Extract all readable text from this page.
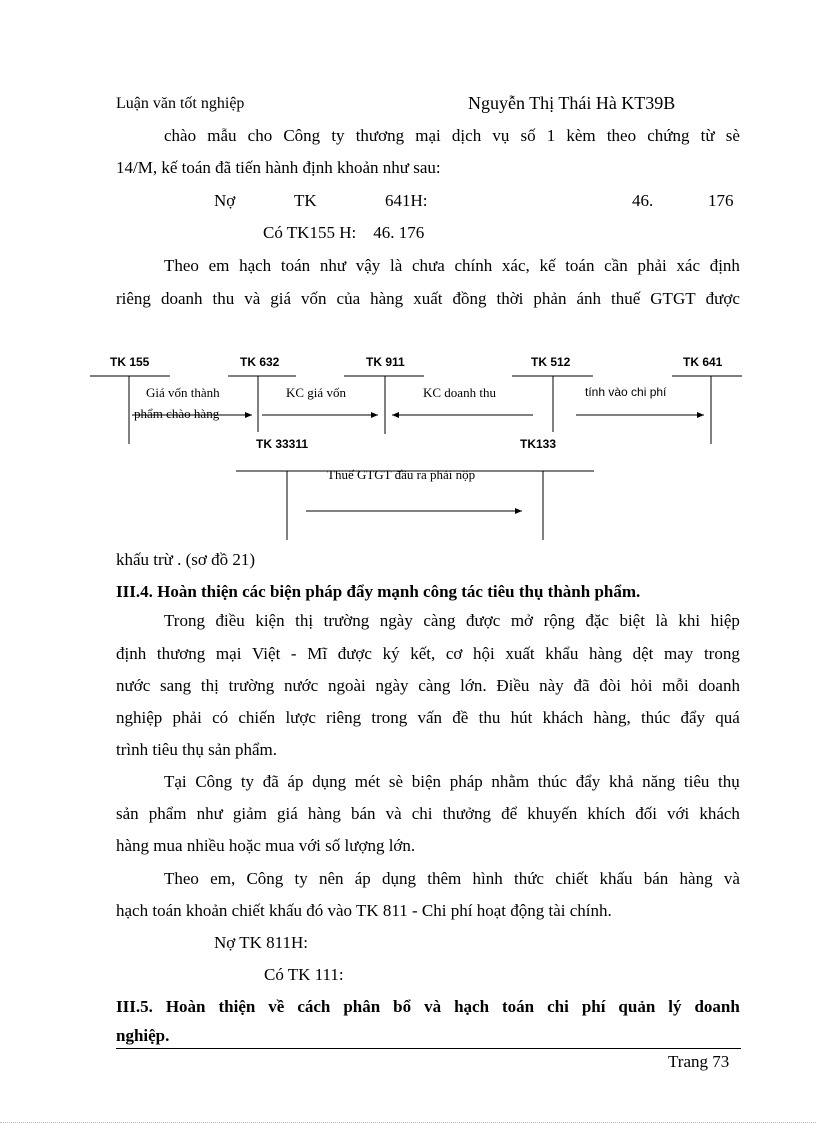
Luận văn tốt nghiệp	Nguyễn Thị Thái Hà KT39B
chào mẫu cho Công ty thương mại dịch vụ số 1 kèm theo chứng từ sè
14/M, kế toán đã tiến hành định khoản như sau:
Nợ	TK	641H:	46.	176
Có TK155 H:    46. 176
Theo em hạch toán như vậy là chưa chính xác, kế toán cần phải xác định
riêng doanh thu và giá vốn của hàng xuất đồng thời phản ánh thuế GTGT được
TK 155	TK 632	TK 911	TK 512	TK 641
TK 33311	TK133
Giá vốn thành
phẩm chào hàng
KC giá vốn	KC doanh thu	tính vào chi phí
Thuế GTGT đầu ra phải nộp
khấu trừ . (sơ đồ 21)
III.4. Hoàn thiện các biện pháp đẩy mạnh công tác tiêu thụ thành phẩm.
Trong điều kiện thị trường ngày càng được mở rộng đặc biệt là khi hiệp
định thương mại Việt - Mĩ được ký kết, cơ hội xuất khẩu hàng dệt may trong
nước sang thị trường nước ngoài ngày càng lớn. Điều này đã đòi hỏi mỗi doanh
nghiệp phải có chiến lược riêng trong vấn đề thu hút khách hàng, thúc đẩy quá
trình tiêu thụ sản phẩm.
Tại Công ty đã áp dụng mét sè biện pháp nhằm thúc đẩy khả năng tiêu thụ
sản phẩm như giảm giá hàng bán và chi thưởng để khuyến khích đối với khách
hàng mua nhiều hoặc mua với số lượng lớn.
Theo em, Công ty nên áp dụng thêm hình thức chiết khấu bán hàng và
hạch toán khoản chiết khấu đó vào TK 811 - Chi phí hoạt động tài chính.
Nợ TK 811H:
Có TK 111:
III.5. Hoàn thiện về cách phân bổ và hạch toán chi phí quản lý doanh
nghiệp.
Trang 73
